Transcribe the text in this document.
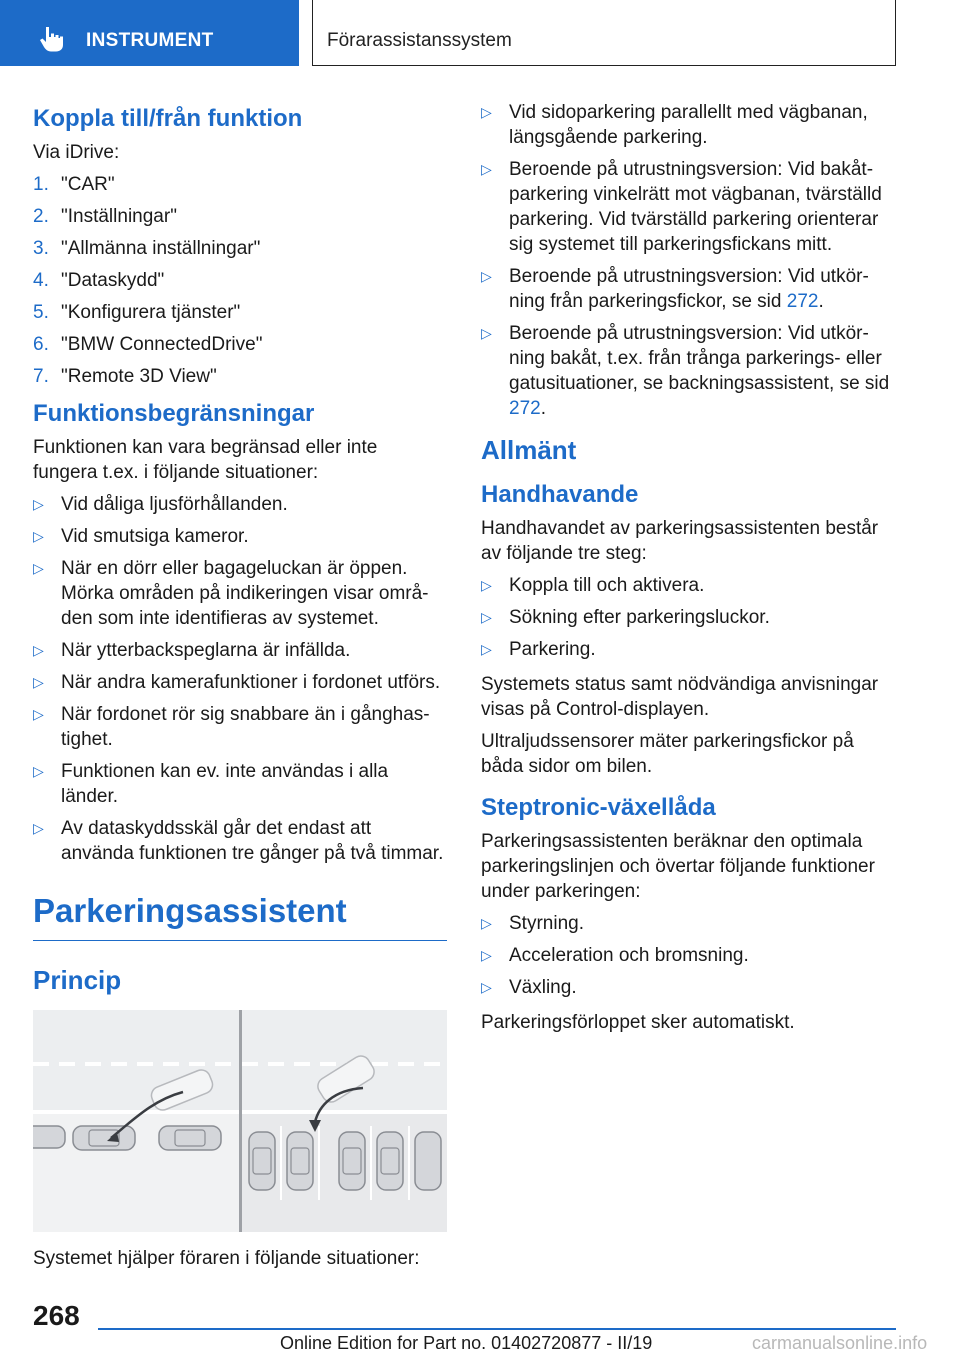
INSTRUMENT	Förarassistanssystem
Koppla till/från funktion

Via iDrive:

1. "CAR"
2. "Inställningar"
3. "Allmänna inställningar"
4. "Dataskydd"
5. "Konfigurera tjänster"
6. "BMW ConnectedDrive"
7. "Remote 3D View"
Funktionsbegränsningar

Funktionen kan vara begränsad eller inte fungera t.ex. i följande situationer:

▷ Vid dåliga ljusförhållanden.
▷ Vid smutsiga kameror.
▷ När en dörr eller bagageluckan är öppen. Mörka områden på indikeringen visar områden som inte identifieras av systemet.
▷ När ytterbackspeglarna är infällda.
▷ När andra kamerafunktioner i fordonet utförs.
▷ När fordonet rör sig snabbare än i gånghastighet.
▷ Funktionen kan ev. inte användas i alla länder.
▷ Av dataskyddsskäl går det endast att använda funktionen tre gånger på två timmar.
Parkeringsassistent
Princip

Systemet hjälper föraren i följande situationer:

▷ Vid sidoparkering parallellt med vägbanan, längsgående parkering.
▷ Beroende på utrustningsversion: Vid bakåtparkering vinkelrätt mot vägbanan, tvärställd parkering. Vid tvärställd parkering orienterar sig systemet till parkeringsfickans mitt.
▷ Beroende på utrustningsversion: Vid utkörning från parkeringsfickor, se sid 272.
▷ Beroende på utrustningsversion: Vid utkörning bakåt, t.ex. från trånga parkerings- eller gatusituationer, se backningsassistent, se sid 272.
Allmänt
Handhavande

Handhavandet av parkeringsassistenten består av följande tre steg:

▷ Koppla till och aktivera.
▷ Sökning efter parkeringsluckor.
▷ Parkering.

Systemets status samt nödvändiga anvisningar visas på Control-displayen.

Ultraljudssensorer mäter parkeringsfickor på båda sidor om bilen.

Steptronic-växellåda

Parkeringsassistenten beräknar den optimala parkeringslinjen och övertar följande funktioner under parkeringen:

▷ Styrning.
▷ Acceleration och bromsning.
▷ Växling.

Parkeringsförloppet sker automatiskt.

268
Online Edition for Part no. 01402720877 - II/19	carmanualsonline.info
